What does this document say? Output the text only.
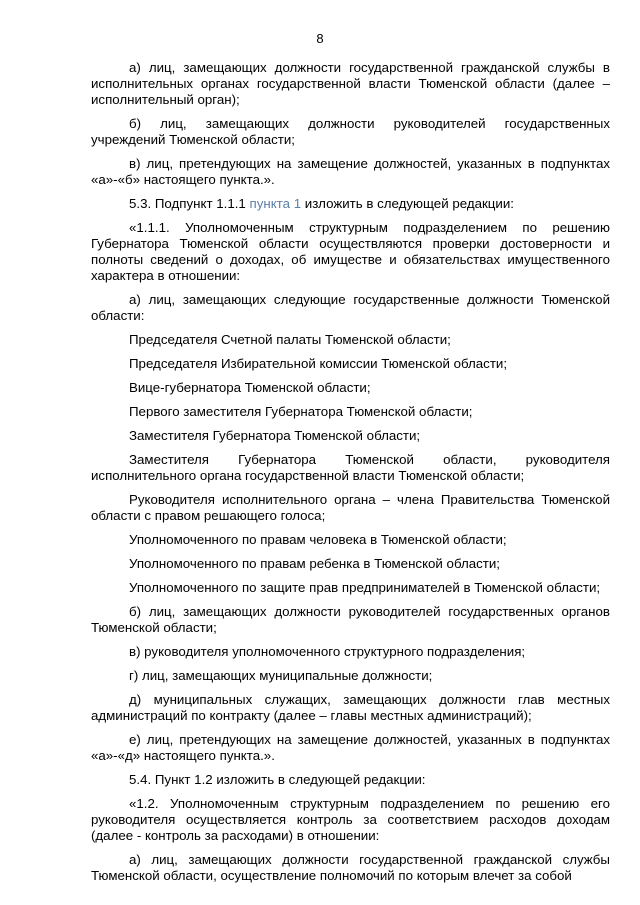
8

а) лиц, замещающих должности государственной гражданской службы в исполнительных органах государственной власти Тюменской области (далее – исполнительный орган);

б) лиц, замещающих должности руководителей государственных учреждений Тюменской области;

в) лиц, претендующих на замещение должностей, указанных в подпунктах «а»-«б» настоящего пункта.».

5.3. Подпункт 1.1.1 пункта 1 изложить в следующей редакции:

«1.1.1. Уполномоченным структурным подразделением по решению Губернатора Тюменской области осуществляются проверки достоверности и полноты сведений о доходах, об имуществе и обязательствах имущественного характера в отношении:

а) лиц, замещающих следующие государственные должности Тюменской области:

Председателя Счетной палаты Тюменской области;

Председателя Избирательной комиссии Тюменской области;

Вице-губернатора Тюменской области;

Первого заместителя Губернатора Тюменской области;

Заместителя Губернатора Тюменской области;

Заместителя Губернатора Тюменской области, руководителя исполнительного органа государственной власти Тюменской области;

Руководителя исполнительного органа – члена Правительства Тюменской области с правом решающего голоса;

Уполномоченного по правам человека в Тюменской области;

Уполномоченного по правам ребенка в Тюменской области;

Уполномоченного по защите прав предпринимателей в Тюменской области;

б) лиц, замещающих должности руководителей государственных органов Тюменской области;

в) руководителя уполномоченного структурного подразделения;

г) лиц, замещающих муниципальные должности;

д) муниципальных служащих, замещающих должности глав местных администраций по контракту (далее – главы местных администраций);

е) лиц, претендующих на замещение должностей, указанных в подпунктах «а»-«д» настоящего пункта.».

5.4. Пункт 1.2 изложить в следующей редакции:

«1.2. Уполномоченным структурным подразделением по решению его руководителя осуществляется контроль за соответствием расходов доходам (далее - контроль за расходами) в отношении:

а) лиц, замещающих должности государственной гражданской службы Тюменской области, осуществление полномочий по которым влечет за собой
